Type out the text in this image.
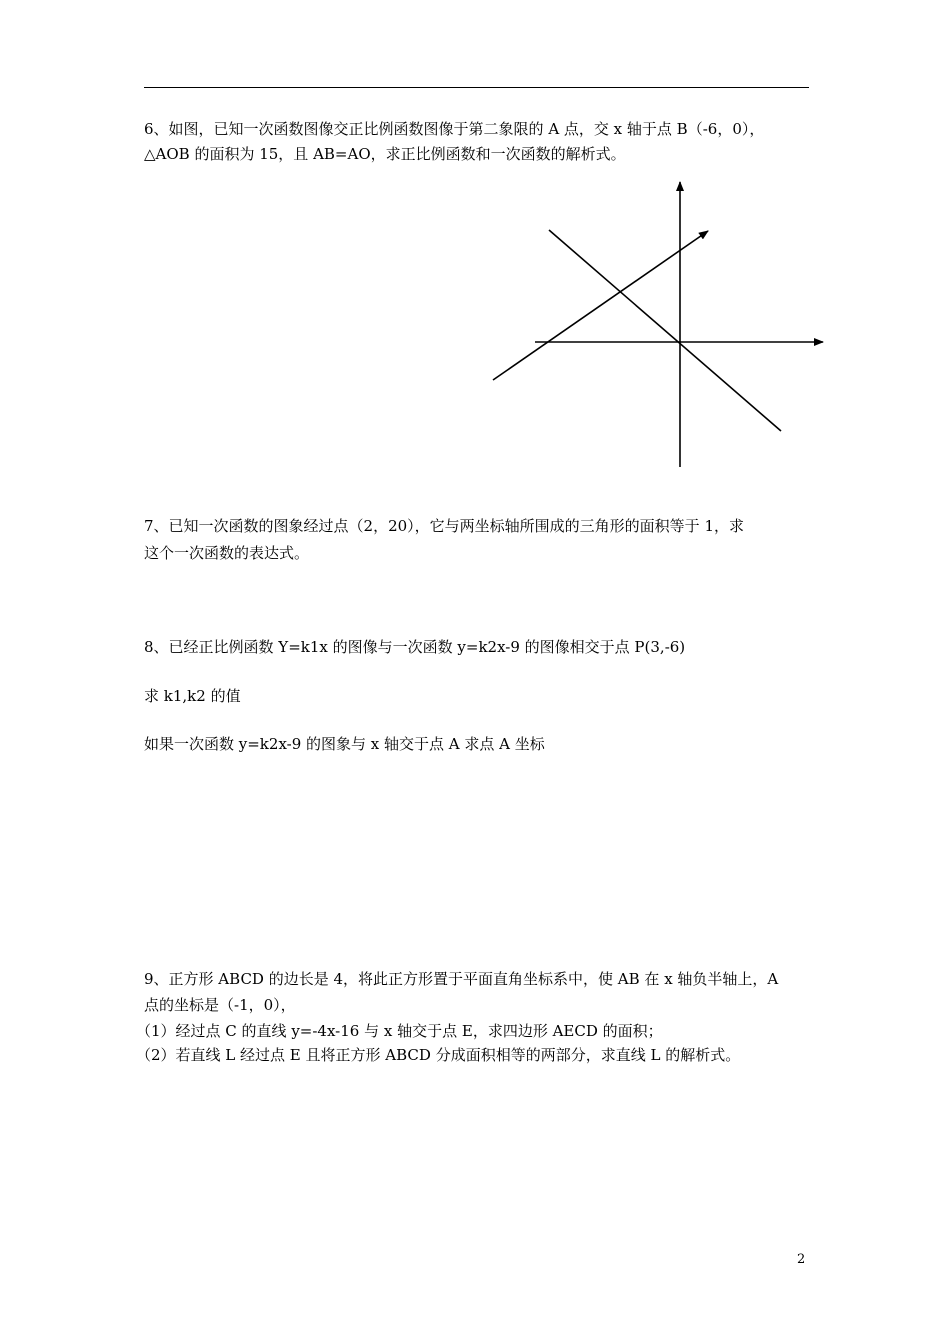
6、如图，已知一次函数图像交正比例函数图像于第二象限的 A 点，交 x 轴于点 B（-6，0），
△AOB 的面积为 15，且 AB=AO，求正比例函数和一次函数的解析式。
7、已知一次函数的图象经过点（2，20），它与两坐标轴所围成的三角形的面积等于 1，求
这个一次函数的表达式。
8、已经正比例函数 Y=k1x 的图像与一次函数 y=k2x-9 的图像相交于点 P(3,-6)
求 k1,k2 的值
如果一次函数 y=k2x-9 的图象与 x 轴交于点 A 求点 A 坐标
9、正方形 ABCD 的边长是 4，将此正方形置于平面直角坐标系中，使 AB 在 x 轴负半轴上，A
点的坐标是（-1，0），
（1）经过点 C 的直线 y=-4x-16 与 x 轴交于点 E，求四边形 AECD 的面积；
（2）若直线 L 经过点 E 且将正方形 ABCD 分成面积相等的两部分，求直线 L 的解析式。
2
